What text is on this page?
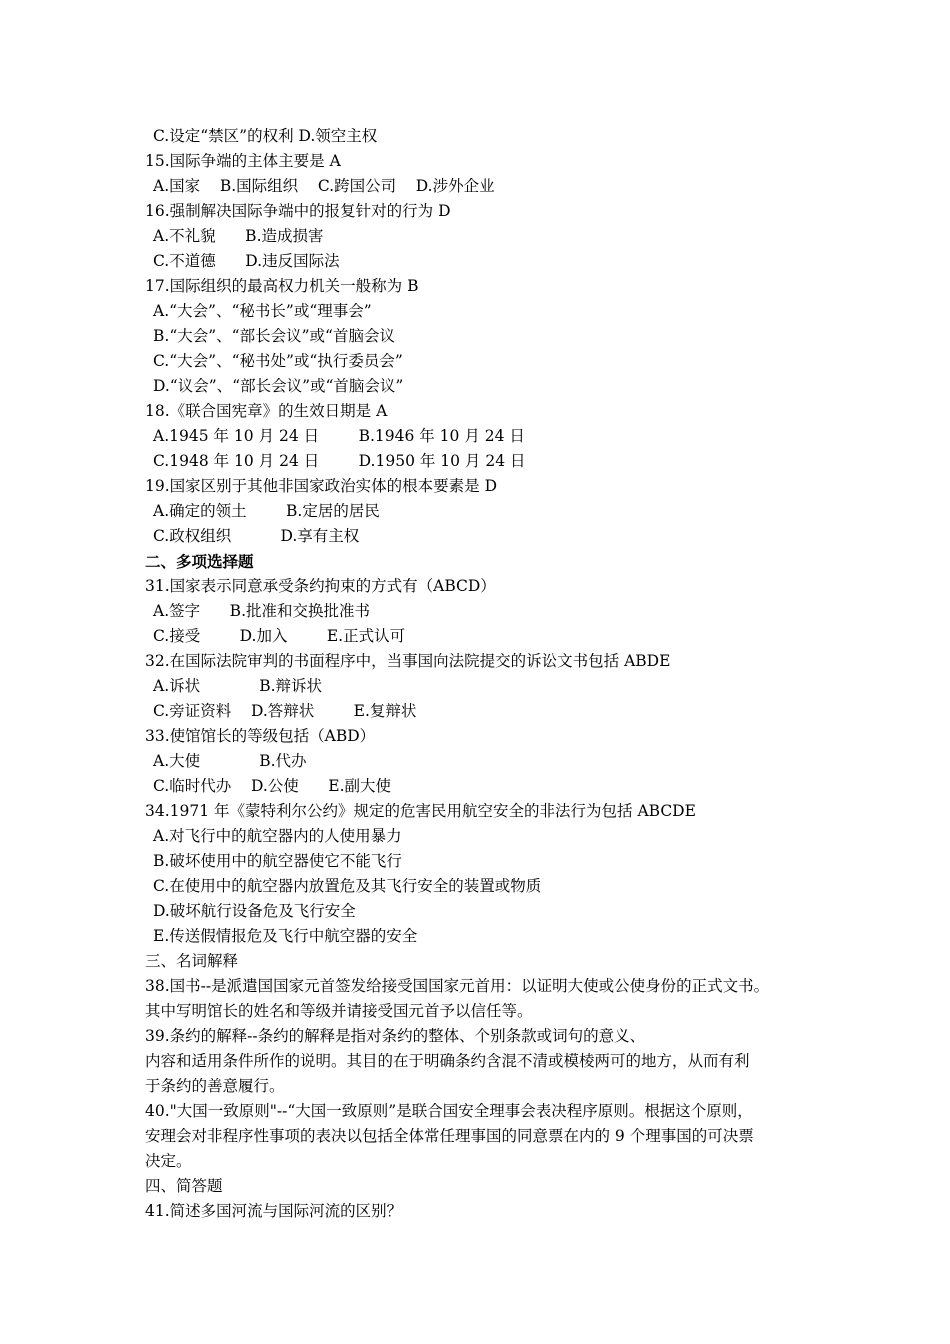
C.设定“禁区”的权利 D.领空主权
15.国际争端的主体主要是 A
A.国家    B.国际组织    C.跨国公司    D.涉外企业
16.强制解决国际争端中的报复针对的行为 D
A.不礼貌      B.造成损害
C.不道德      D.违反国际法
17.国际组织的最高权力机关一般称为 B
A.“大会”、“秘书长”或“理事会”
B.“大会”、“部长会议”或“首脑会议
C.“大会”、“秘书处”或“执行委员会”
D.“议会”、“部长会议”或“首脑会议”
18.《联合国宪章》的生效日期是 A
A.1945 年 10 月 24 日        B.1946 年 10 月 24 日
C.1948 年 10 月 24 日        D.1950 年 10 月 24 日
19.国家区别于其他非国家政治实体的根本要素是 D
A.确定的领土        B.定居的居民
C.政权组织          D.享有主权
二、多项选择题
31.国家表示同意承受条约拘束的方式有（ABCD）
A.签字      B.批准和交换批准书
C.接受        D.加入        E.正式认可
32.在国际法院审判的书面程序中，当事国向法院提交的诉讼文书包括 ABDE
A.诉状            B.辩诉状
C.旁证资料    D.答辩状        E.复辩状
33.使馆馆长的等级包括（ABD）
A.大使            B.代办
C.临时代办    D.公使      E.副大使
34.1971 年《蒙特利尔公约》规定的危害民用航空安全的非法行为包括 ABCDE
A.对飞行中的航空器内的人使用暴力
B.破坏使用中的航空器使它不能飞行
C.在使用中的航空器内放置危及其飞行安全的装置或物质
D.破坏航行设备危及飞行安全
E.传送假情报危及飞行中航空器的安全
三、名词解释
38.国书--是派遣国国家元首签发给接受国国家元首用：以证明大使或公使身份的正式文书。
其中写明馆长的姓名和等级并请接受国元首予以信任等。
39.条约的解释--条约的解释是指对条约的整体、个别条款或词句的意义、
内容和适用条件所作的说明。其目的在于明确条约含混不清或模棱两可的地方，从而有利
于条约的善意履行。
40."大国一致原则"--“大国一致原则”是联合国安全理事会表决程序原则。根据这个原则，
安理会对非程序性事项的表决以包括全体常任理事国的同意票在内的 9 个理事国的可决票
决定。
四、简答题
41.简述多国河流与国际河流的区别？
